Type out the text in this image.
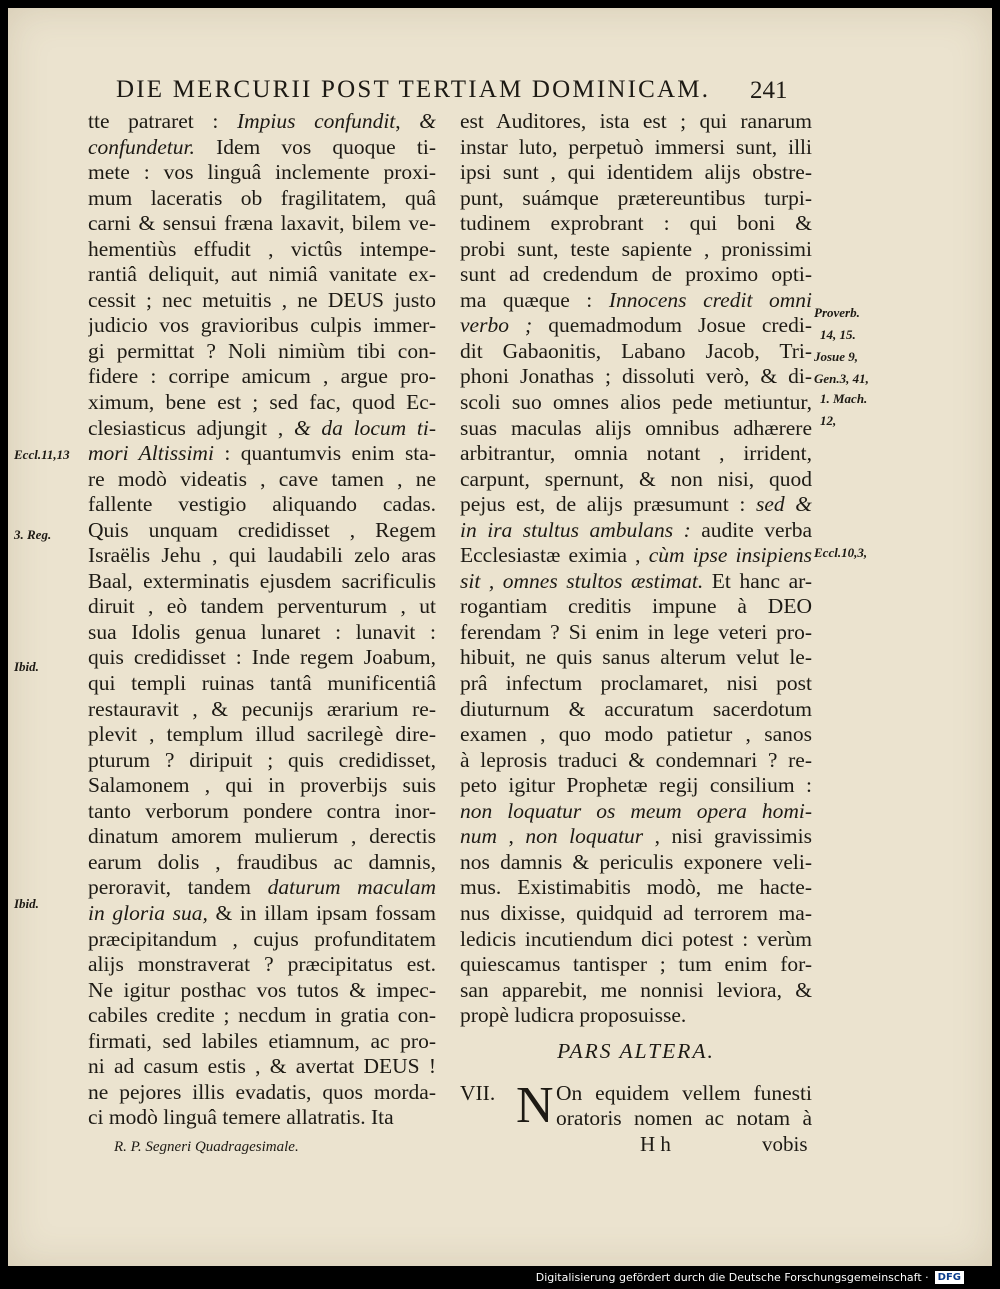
DIE MERCURII POST TERTIAM DOMINICAM. 241
tte patraret : Impius confundit, &
confundetur. Idem vos quoque ti-
mete : vos linguâ inclemente proxi-
mum laceratis ob fragilitatem, quâ
carni & sensui fræna laxavit, bilem ve-
hementiùs effudit , victûs intempe-
rantiâ deliquit, aut nimiâ vanitate ex-
cessit ; nec metuitis , ne DEUS justo
judicio vos gravioribus culpis immer-
gi permittat ? Noli nimiùm tibi con-
fidere : corripe amicum , argue pro-
ximum, bene est ; sed fac, quod Ec-
clesiasticus adjungit , & da locum ti-
mori Altissimi : quantumvis enim sta-
re modò videatis , cave tamen , ne
fallente vestigio aliquando cadas.
Quis unquam credidisset , Regem
Israëlis Jehu , qui laudabili zelo aras
Baal, exterminatis ejusdem sacrificulis
diruit , eò tandem perventurum , ut
sua Idolis genua lunaret : lunavit :
quis credidisset : Inde regem Joabum,
qui templi ruinas tantâ munificentiâ
restauravit , & pecunijs ærarium re-
plevit , templum illud sacrilegè dire-
pturum ? diripuit ; quis credidisset,
Salamonem , qui in proverbijs suis
tanto verborum pondere contra inor-
dinatum amorem mulierum , derectis
earum dolis , fraudibus ac damnis,
peroravit, tandem daturum maculam
in gloria sua, & in illam ipsam fossam
præcipitandum , cujus profunditatem
alijs monstraverat ? præcipitatus est.
Ne igitur posthac vos tutos & impec-
cabiles credite ; necdum in gratia con-
firmati, sed labiles etiamnum, ac pro-
ni ad casum estis , & avertat DEUS !
ne pejores illis evadatis, quos morda-
ci modò linguâ temere allatratis. Ita
est Auditores, ista est ; qui ranarum
instar luto, perpetuò immersi sunt, illi
ipsi sunt , qui identidem alijs obstre-
punt, suámque prætereuntibus turpi-
tudinem exprobrant : qui boni &
probi sunt, teste sapiente , pronissimi
sunt ad credendum de proximo opti-
ma quæque : Innocens credit omni
verbo ; quemadmodum Josue credi-
dit Gabaonitis, Labano Jacob, Tri-
phoni Jonathas ; dissoluti verò, & di-
scoli suo omnes alios pede metiuntur,
suas maculas alijs omnibus adhærere
arbitrantur, omnia notant , irrident,
carpunt, spernunt, & non nisi, quod
pejus est, de alijs præsumunt : sed &
in ira stultus ambulans : audite verba
Ecclesiastæ eximia , cùm ipse insipiens
sit , omnes stultos æstimat. Et hanc ar-
rogantiam creditis impune à DEO
ferendam ? Si enim in lege veteri pro-
hibuit, ne quis sanus alterum velut le-
prâ infectum proclamaret, nisi post
diuturnum & accuratum sacerdotum
examen , quo modo patietur , sanos
à leprosis traduci & condemnari ? re-
peto igitur Prophetæ regij consilium :
non loquatur os meum opera homi-
num , non loquatur , nisi gravissimis
nos damnis & periculis exponere veli-
mus. Existimabitis modò, me hacte-
nus dixisse, quidquid ad terrorem ma-
ledicis incutiendum dici potest : verùm
quiescamus tantisper ; tum enim for-
san apparebit, me nonnisi leviora, &
propè ludicra proposuisse.
PARS ALTERA.
VII. N On equidem vellem funesti
oratoris nomen ac notam à
R. P. Segneri Quadragesimale.	H h	vobis
Eccl.11,13
3. Reg.
Ibid.
Ibid.
Proverb.
14, 15.
Josue 9,
Gen.3, 41,
1. Mach.
12,
Eccl.10,3,
Digitalisierung gefördert durch die Deutsche Forschungsgemeinschaft · DFG
